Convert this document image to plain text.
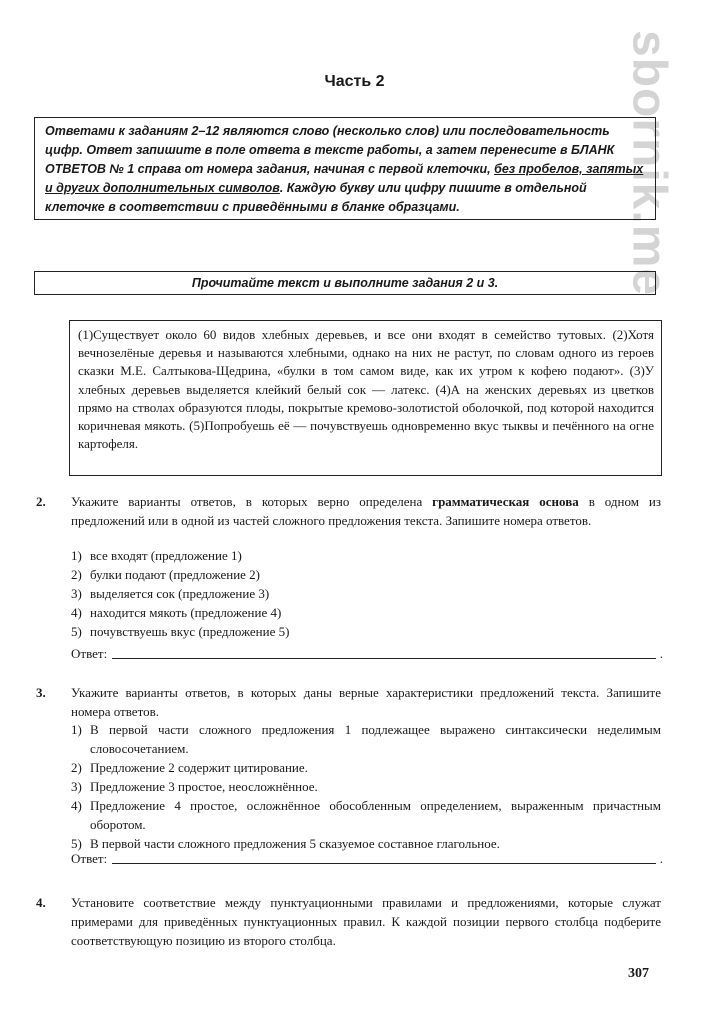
Часть 2	sbornik.me

Ответами к заданиям 2–12 являются слово (несколько слов) или последовательность цифр. Ответ запишите в поле ответа в тексте работы, а затем перенесите в БЛАНК ОТВЕТОВ № 1 справа от номера задания, начиная с первой клеточки, без пробелов, запятых и других дополнительных символов. Каждую букву или цифру пишите в отдельной клеточке в соответствии с приведёнными в бланке образцами.

Прочитайте текст и выполните задания 2 и 3.

(1)Существует около 60 видов хлебных деревьев, и все они входят в семейство тутовых. (2)Хотя вечнозелёные деревья и называются хлебными, однако на них не растут, по словам одного из героев сказки М.Е. Салтыкова-Щедрина, «булки в том самом виде, как их утром к кофею подают». (3)У хлебных деревьев выделяется клейкий белый сок — латекс. (4)А на женских деревьях из цветков прямо на стволах образуются плоды, покрытые кремово-золотистой оболочкой, под которой находится коричневая мякоть. (5)Попробуешь её — почувствуешь одновременно вкус тыквы и печённого на огне картофеля.

2. Укажите варианты ответов, в которых верно определена грамматическая основа в одном из предложений или в одной из частей сложного предложения текста. Запишите номера ответов.

1) все входят (предложение 1)
2) булки подают (предложение 2)
3) выделяется сок (предложение 3)
4) находится мякоть (предложение 4)
5) почувствуешь вкус (предложение 5)
Ответ:	.
3. Укажите варианты ответов, в которых даны верные характеристики предложений текста. Запишите номера ответов.

1) В первой части сложного предложения 1 подлежащее выражено синтаксически неделимым словосочетанием.
2) Предложение 2 содержит цитирование.
3) Предложение 3 простое, неосложнённое.
4) Предложение 4 простое, осложнённое обособленным определением, выраженным причастным оборотом.
5) В первой части сложного предложения 5 сказуемое составное глагольное.
Ответ:	.
4. Установите соответствие между пунктуационными правилами и предложениями, которые служат примерами для приведённых пунктуационных правил. К каждой позиции первого столбца подберите соответствующую позицию из второго столбца.

307
